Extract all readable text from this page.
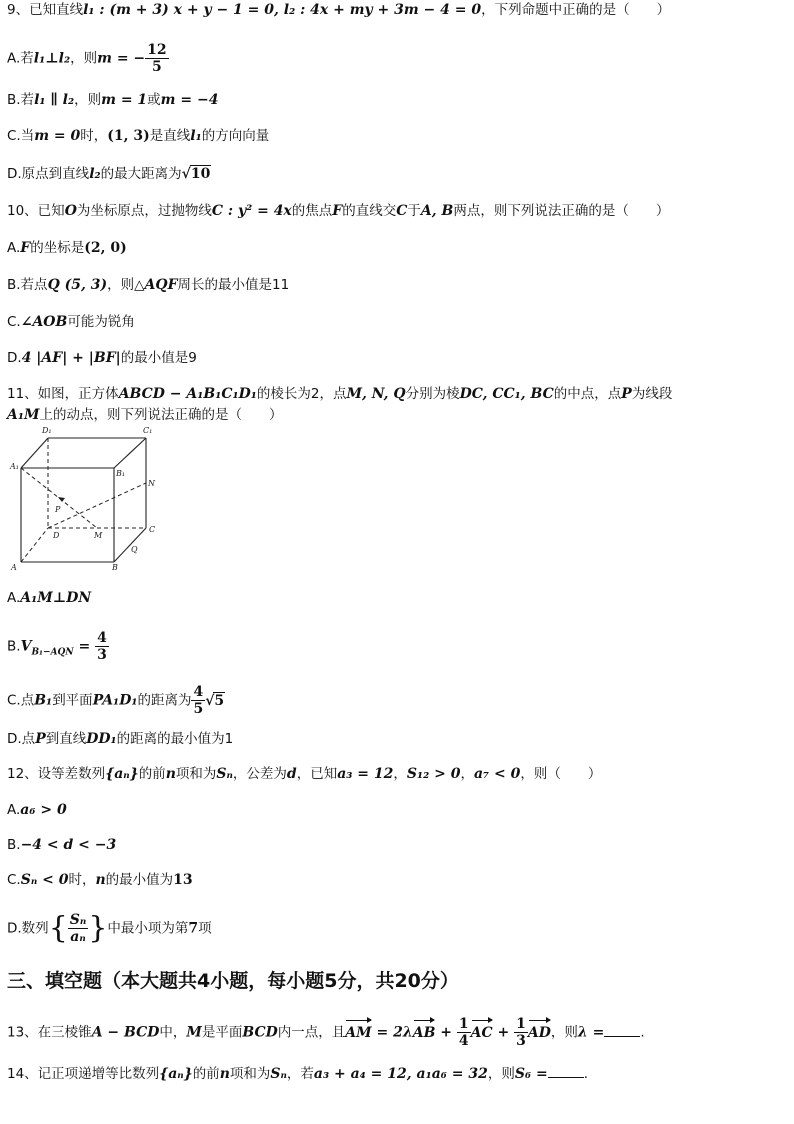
9、已知直线l₁ : (m + 3) x + y − 1 = 0, l₂ : 4x + my + 3m − 4 = 0，下列命题中正确的是（　　）
A.若l₁⊥l₂，则m = − $\frac{12}{5}$
B.若l₁ ∥ l₂，则m = 1或m = −4
C.当m = 0时，(1, 3)是直线l₁的方向向量
D.原点到直线l₂的最大距离为√10
10、已知O为坐标原点，过抛物线C : y² = 4x的焦点F的直线交C于A, B两点，则下列说法正确的是（　　）
A.F的坐标是(2, 0)
B.若点Q (5, 3)，则△AQF周长的最小值是11
C.∠AOB可能为锐角
D.4 |AF| + |BF|的最小值是9
11、如图，正方体ABCD − A₁B₁C₁D₁的棱长为2，点M, N, Q分别为棱DC, CC₁, BC的中点，点P为线段
A₁M上的动点，则下列说法正确的是（　　）
D₁	C₁
A₁
B₁
N
P
D	M
C
Q
A	B
A.A₁M⊥DN
$B.V_{B_1-AQN} = \frac{4}{3}$
C.点B₁到平面PA₁D₁的距离为 $\frac{4}{5} √5$
D.点P到直线DD₁的距离的最小值为1
12、设等差数列{aₙ}的前n项和为Sₙ，公差为d，已知a₃ = 12，S₁₂ > 0，a₇ < 0，则（　　）
A.a₆ > 0
B.−4 < d < −3
C.Sₙ < 0时，n的最小值为13
D.数列{ $\frac{\text{Sₙ}}{\text{aₙ}}$ }中最小项为第7项
三、填空题（本大题共4小题，每小题5分，共20分）
13、在三棱锥A − BCD中，M是平面BCD内一点，且AM = $2\lambda AB + \frac{1}{4}$ AC + $\frac{1}{3}$ AD，则λ =	.
14、记正项递增等比数列{aₙ}的前n项和为Sₙ，若a₃ + a₄ = 12, a₁a₆ = 32，则S₆ =	.
